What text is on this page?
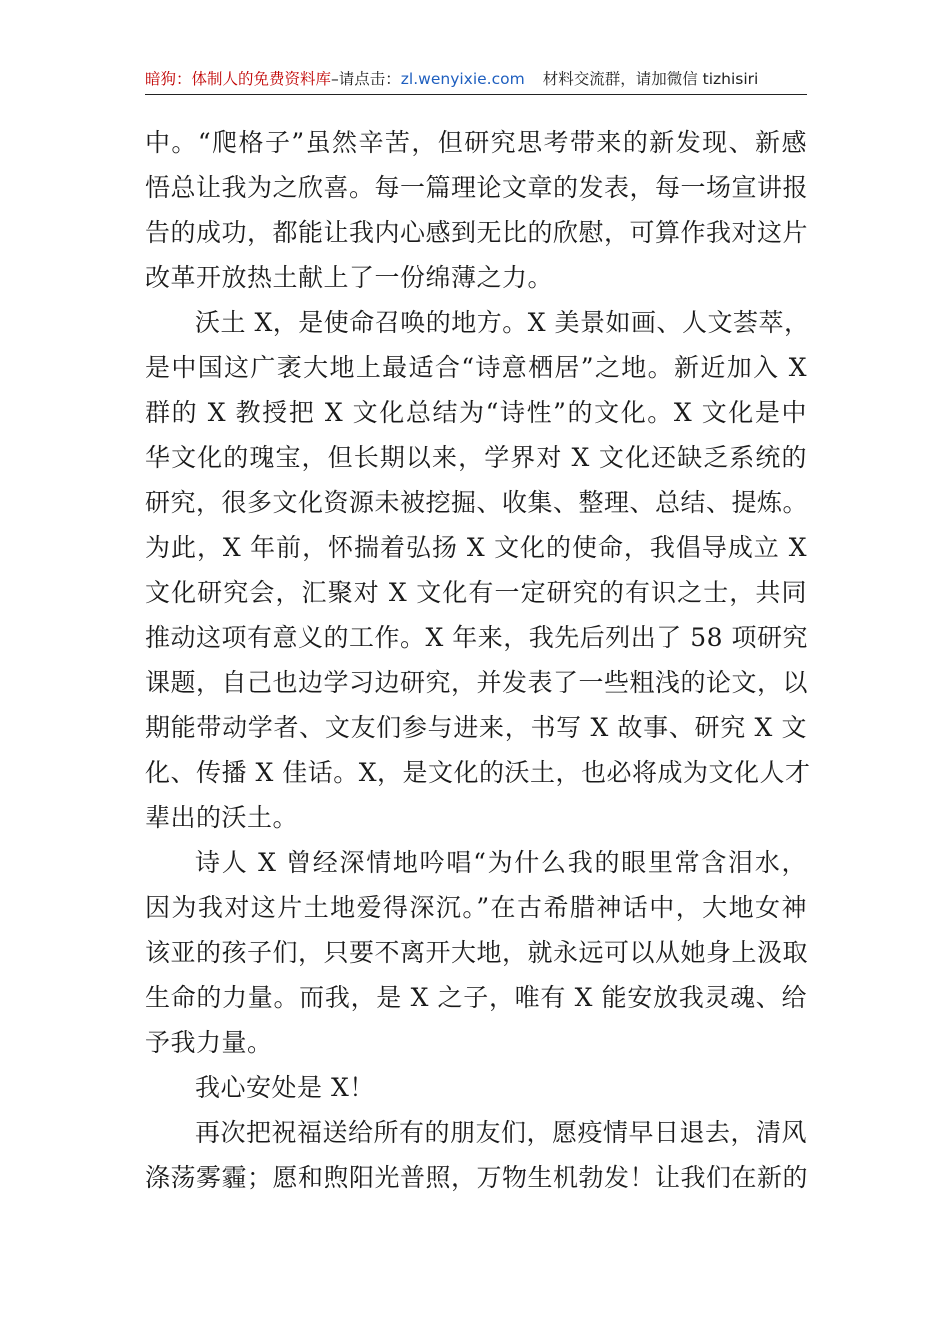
暗狗：体制人的免费资料库–请点击：zl.wenyixie.com 材料交流群，请加微信 tizhisiri
中。“爬格子”虽然辛苦，但研究思考带来的新发现、新感
悟总让我为之欣喜。每一篇理论文章的发表，每一场宣讲报
告的成功，都能让我内心感到无比的欣慰，可算作我对这片
改革开放热土献上了一份绵薄之力。
沃土 X，是使命召唤的地方。X 美景如画、人文荟萃，
是中国这广袤大地上最适合“诗意栖居”之地。新近加入 X
群的 X 教授把 X 文化总结为“诗性”的文化。X 文化是中
华文化的瑰宝，但长期以来，学界对 X 文化还缺乏系统的
研究，很多文化资源未被挖掘、收集、整理、总结、提炼。
为此，X 年前，怀揣着弘扬 X 文化的使命，我倡导成立 X
文化研究会，汇聚对 X 文化有一定研究的有识之士，共同
推动这项有意义的工作。X 年来，我先后列出了 58 项研究
课题，自己也边学习边研究，并发表了一些粗浅的论文，以
期能带动学者、文友们参与进来，书写 X 故事、研究 X 文
化、传播 X 佳话。X，是文化的沃土，也必将成为文化人才
辈出的沃土。
诗人 X 曾经深情地吟唱“为什么我的眼里常含泪水，
因为我对这片土地爱得深沉。”在古希腊神话中，大地女神
该亚的孩子们，只要不离开大地，就永远可以从她身上汲取
生命的力量。而我，是 X 之子，唯有 X 能安放我灵魂、给
予我力量。
我心安处是 X！
再次把祝福送给所有的朋友们，愿疫情早日退去，清风
涤荡雾霾；愿和煦阳光普照，万物生机勃发！让我们在新的
